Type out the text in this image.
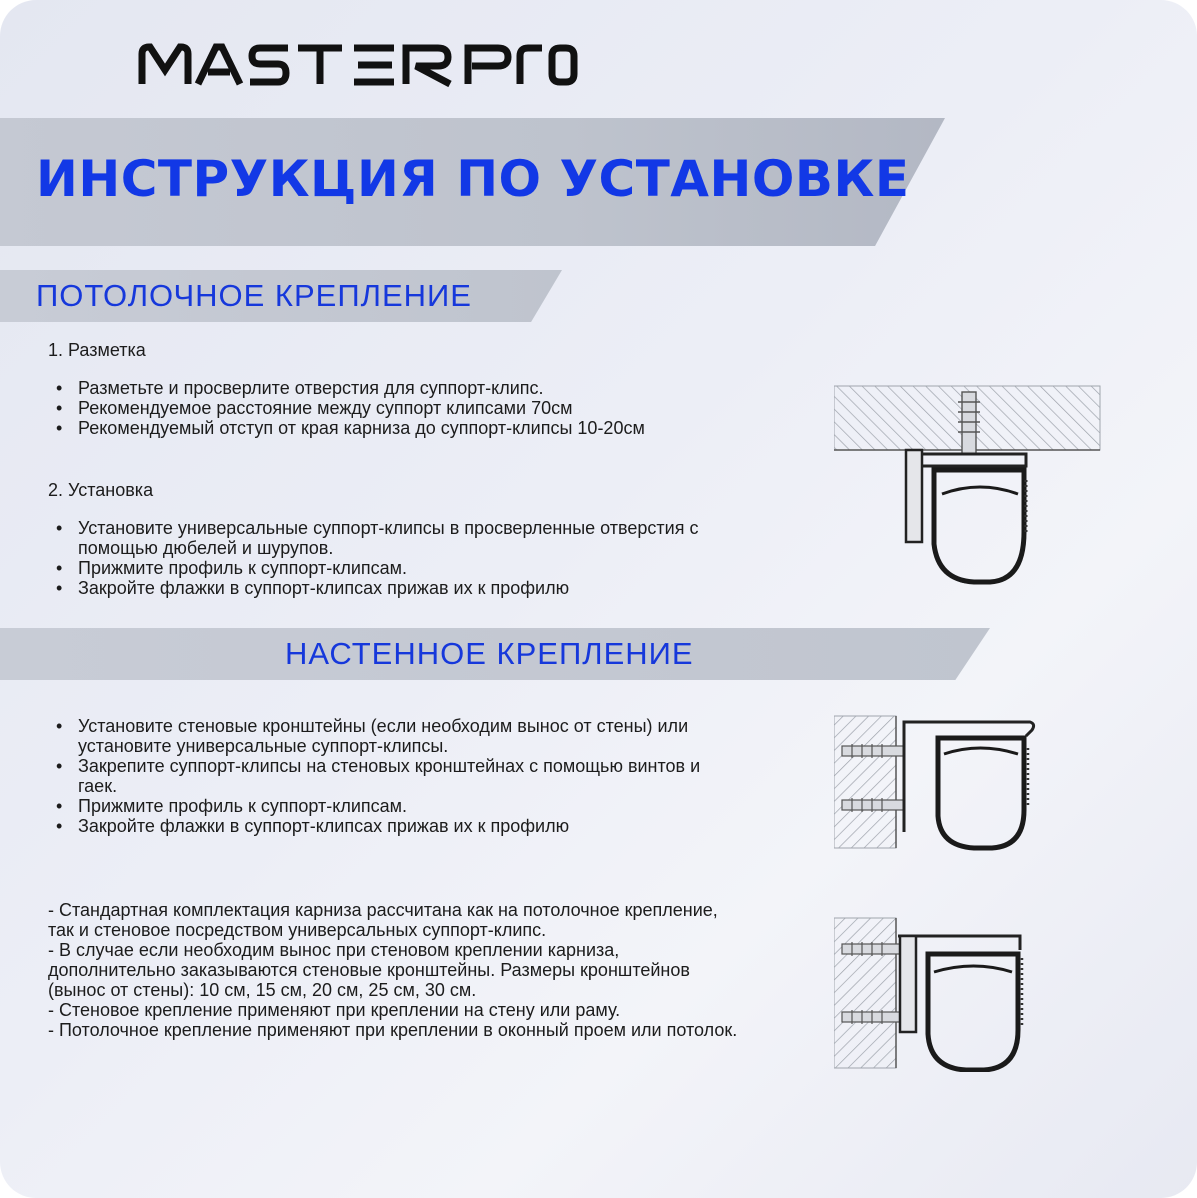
ИНСТРУКЦИЯ ПО УСТАНОВКЕ
ПОТОЛОЧНОЕ КРЕПЛЕНИЕ
1. Разметка
• Разметьте и просверлите отверстия для суппорт-клипс.
• Рекомендуемое расстояние между суппорт клипсами 70см
• Рекомендуемый отступ от края карниза до суппорт-клипсы 10-20см
2. Установка
• Установите универсальные суппорт-клипсы в просверленные отверстия с помощью дюбелей и шурупов.
• Прижмите профиль к суппорт-клипсам.
• Закройте флажки в суппорт-клипсах прижав их к профилю
НАСТЕННОЕ КРЕПЛЕНИЕ
• Установите стеновые кронштейны (если необходим вынос от стены) или установите универсальные суппорт-клипсы.
• Закрепите суппорт-клипсы на стеновых кронштейнах с помощью винтов и гаек.
• Прижмите профиль к суппорт-клипсам.
• Закройте флажки в суппорт-клипсах прижав их к профилю

- Стандартная комплектация карниза рассчитана как на потолочное крепление, так и стеновое посредством универсальных суппорт-клипс.

- В случае если необходим вынос при стеновом креплении карниза, дополнительно заказываются стеновые кронштейны. Размеры кронштейнов (вынос от стены): 10 см, 15 см, 20 см, 25 см, 30 см.

- Стеновое крепление применяют при креплении на стену или раму.

- Потолочное крепление применяют при креплении в оконный проем или потолок.
